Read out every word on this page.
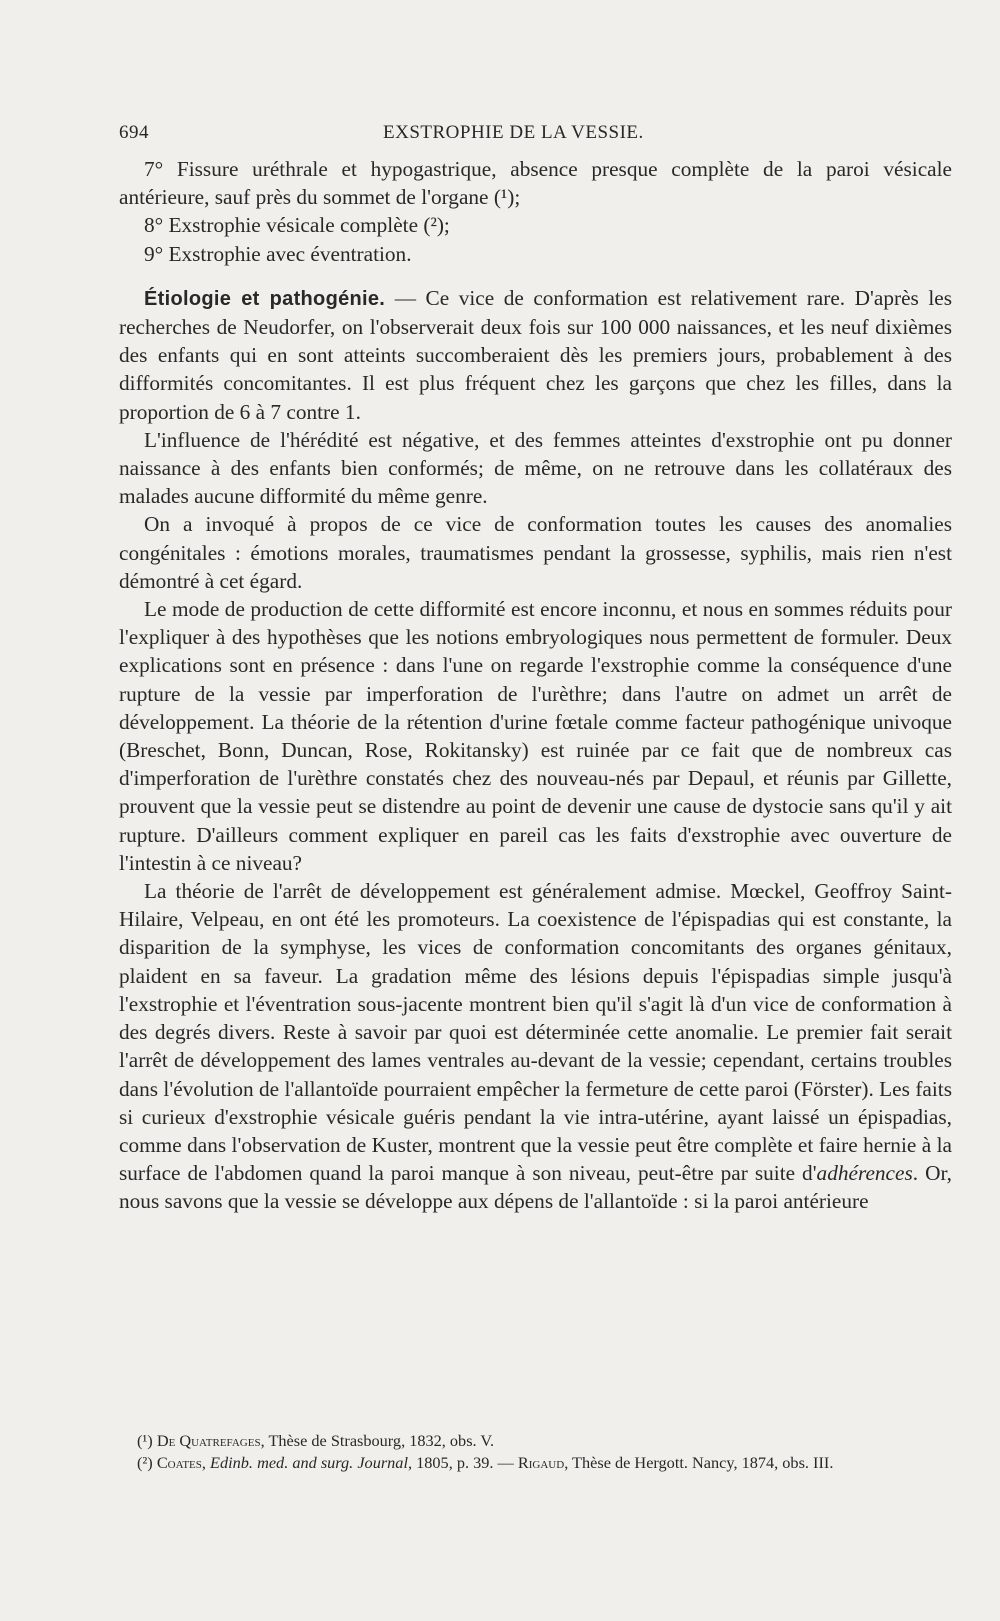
694	EXSTROPHIE DE LA VESSIE.

7° Fissure uréthrale et hypogastrique, absence presque complète de la paroi vésicale antérieure, sauf près du sommet de l'organe (¹);

8° Exstrophie vésicale complète (²);

9° Exstrophie avec éventration.

Étiologie et pathogénie. — Ce vice de conformation est relativement rare. D'après les recherches de Neudorfer, on l'observerait deux fois sur 100 000 naissances, et les neuf dixièmes des enfants qui en sont atteints succomberaient dès les premiers jours, probablement à des difformités concomitantes. Il est plus fréquent chez les garçons que chez les filles, dans la proportion de 6 à 7 contre 1.

L'influence de l'hérédité est négative, et des femmes atteintes d'exstrophie ont pu donner naissance à des enfants bien conformés; de même, on ne retrouve dans les collatéraux des malades aucune difformité du même genre.

On a invoqué à propos de ce vice de conformation toutes les causes des anomalies congénitales : émotions morales, traumatismes pendant la grossesse, syphilis, mais rien n'est démontré à cet égard.

Le mode de production de cette difformité est encore inconnu, et nous en sommes réduits pour l'expliquer à des hypothèses que les notions embryologiques nous permettent de formuler. Deux explications sont en présence : dans l'une on regarde l'exstrophie comme la conséquence d'une rupture de la vessie par imperforation de l'urèthre; dans l'autre on admet un arrêt de développement. La théorie de la rétention d'urine fœtale comme facteur pathogénique univoque (Breschet, Bonn, Duncan, Rose, Rokitansky) est ruinée par ce fait que de nombreux cas d'imperforation de l'urèthre constatés chez des nouveau-nés par Depaul, et réunis par Gillette, prouvent que la vessie peut se distendre au point de devenir une cause de dystocie sans qu'il y ait rupture. D'ailleurs comment expliquer en pareil cas les faits d'exstrophie avec ouverture de l'intestin à ce niveau?

La théorie de l'arrêt de développement est généralement admise. Mœckel, Geoffroy Saint-Hilaire, Velpeau, en ont été les promoteurs. La coexistence de l'épispadias qui est constante, la disparition de la symphyse, les vices de conformation concomitants des organes génitaux, plaident en sa faveur. La gradation même des lésions depuis l'épispadias simple jusqu'à l'exstrophie et l'éventration sous-jacente montrent bien qu'il s'agit là d'un vice de conformation à des degrés divers. Reste à savoir par quoi est déterminée cette anomalie. Le premier fait serait l'arrêt de développement des lames ventrales au-devant de la vessie; cependant, certains troubles dans l'évolution de l'allantoïde pourraient empêcher la fermeture de cette paroi (Förster). Les faits si curieux d'exstrophie vésicale guéris pendant la vie intra-utérine, ayant laissé un épispadias, comme dans l'observation de Kuster, montrent que la vessie peut être complète et faire hernie à la surface de l'abdomen quand la paroi manque à son niveau, peut-être par suite d'adhérences. Or, nous savons que la vessie se développe aux dépens de l'allantoïde : si la paroi antérieure

(¹) De Quatrefages, Thèse de Strasbourg, 1832, obs. V.

(²) Coates, Edinb. med. and surg. Journal, 1805, p. 39. — Rigaud, Thèse de Hergott. Nancy, 1874, obs. III.
